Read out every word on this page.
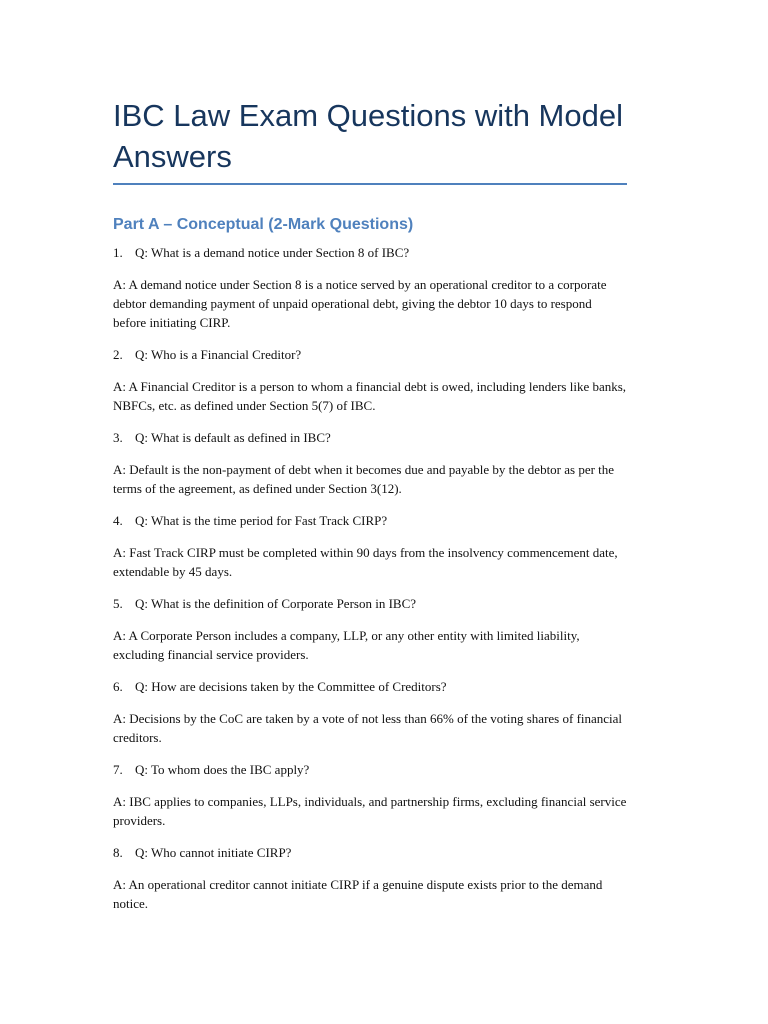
IBC Law Exam Questions with Model Answers
Part A – Conceptual (2-Mark Questions)
1. Q: What is a demand notice under Section 8 of IBC?
A: A demand notice under Section 8 is a notice served by an operational creditor to a corporate debtor demanding payment of unpaid operational debt, giving the debtor 10 days to respond before initiating CIRP.
2. Q: Who is a Financial Creditor?
A: A Financial Creditor is a person to whom a financial debt is owed, including lenders like banks, NBFCs, etc. as defined under Section 5(7) of IBC.
3. Q: What is default as defined in IBC?
A: Default is the non-payment of debt when it becomes due and payable by the debtor as per the terms of the agreement, as defined under Section 3(12).
4. Q: What is the time period for Fast Track CIRP?
A: Fast Track CIRP must be completed within 90 days from the insolvency commencement date, extendable by 45 days.
5. Q: What is the definition of Corporate Person in IBC?
A: A Corporate Person includes a company, LLP, or any other entity with limited liability, excluding financial service providers.
6. Q: How are decisions taken by the Committee of Creditors?
A: Decisions by the CoC are taken by a vote of not less than 66% of the voting shares of financial creditors.
7. Q: To whom does the IBC apply?
A: IBC applies to companies, LLPs, individuals, and partnership firms, excluding financial service providers.
8. Q: Who cannot initiate CIRP?
A: An operational creditor cannot initiate CIRP if a genuine dispute exists prior to the demand notice.
